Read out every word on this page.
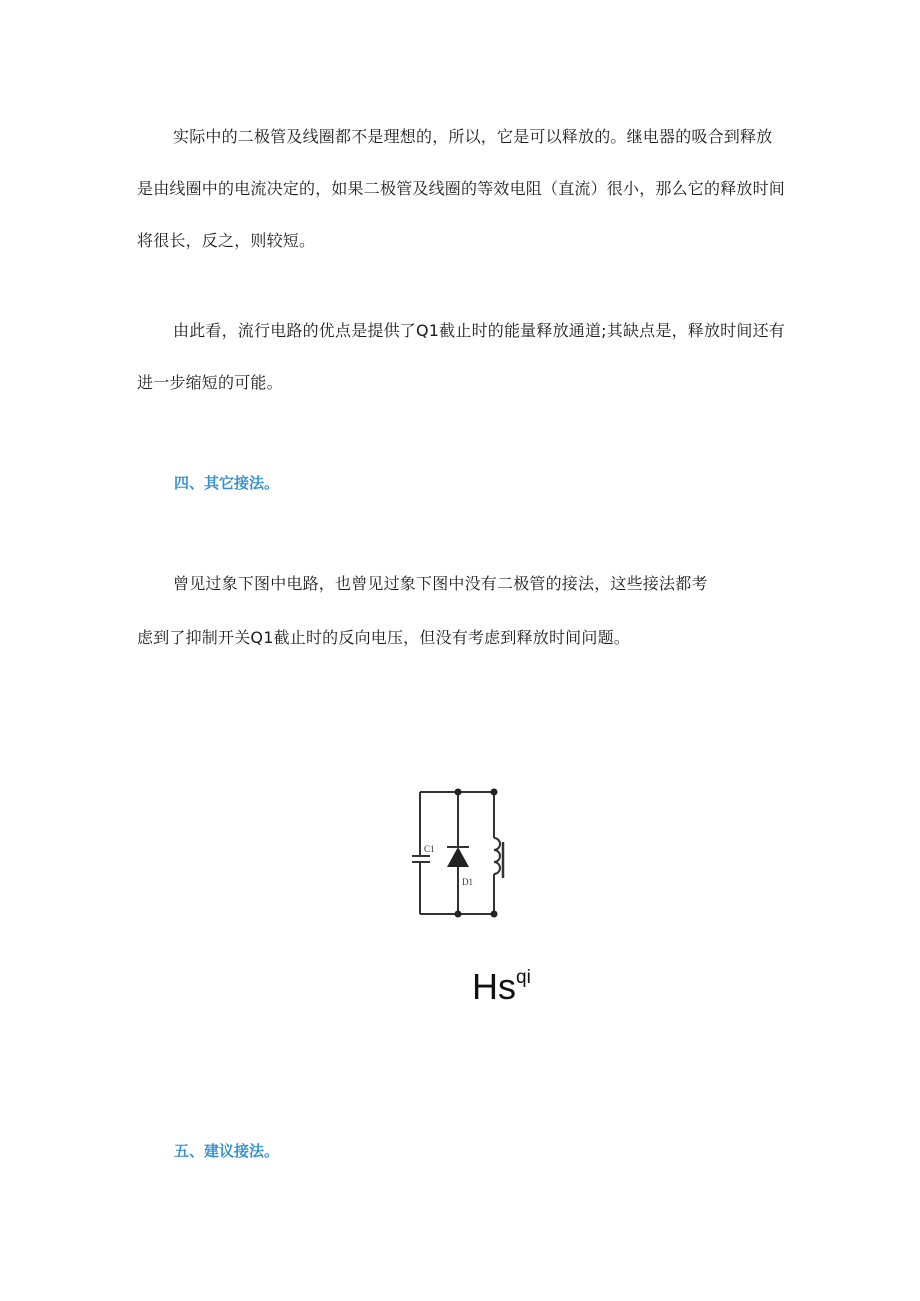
实际中的二极管及线圈都不是理想的，所以，它是可以释放的。继电器的吸合到释放是由线圈中的电流决定的，如果二极管及线圈的等效电阻（直流）很小，那么它的释放时间将很长，反之，则较短。

由此看，流行电路的优点是提供了Q1截止时的能量释放通道;其缺点是，释放时间还有进一步缩短的可能。

四、其它接法。
曾见过象下图中电路，也曾见过象下图中没有二极管的接法，这些接法都考
虑到了抑制开关Q1截止时的反向电压，但没有考虑到释放时间问题。
C1
D1
$Hs^{qi}$
五、建议接法。
